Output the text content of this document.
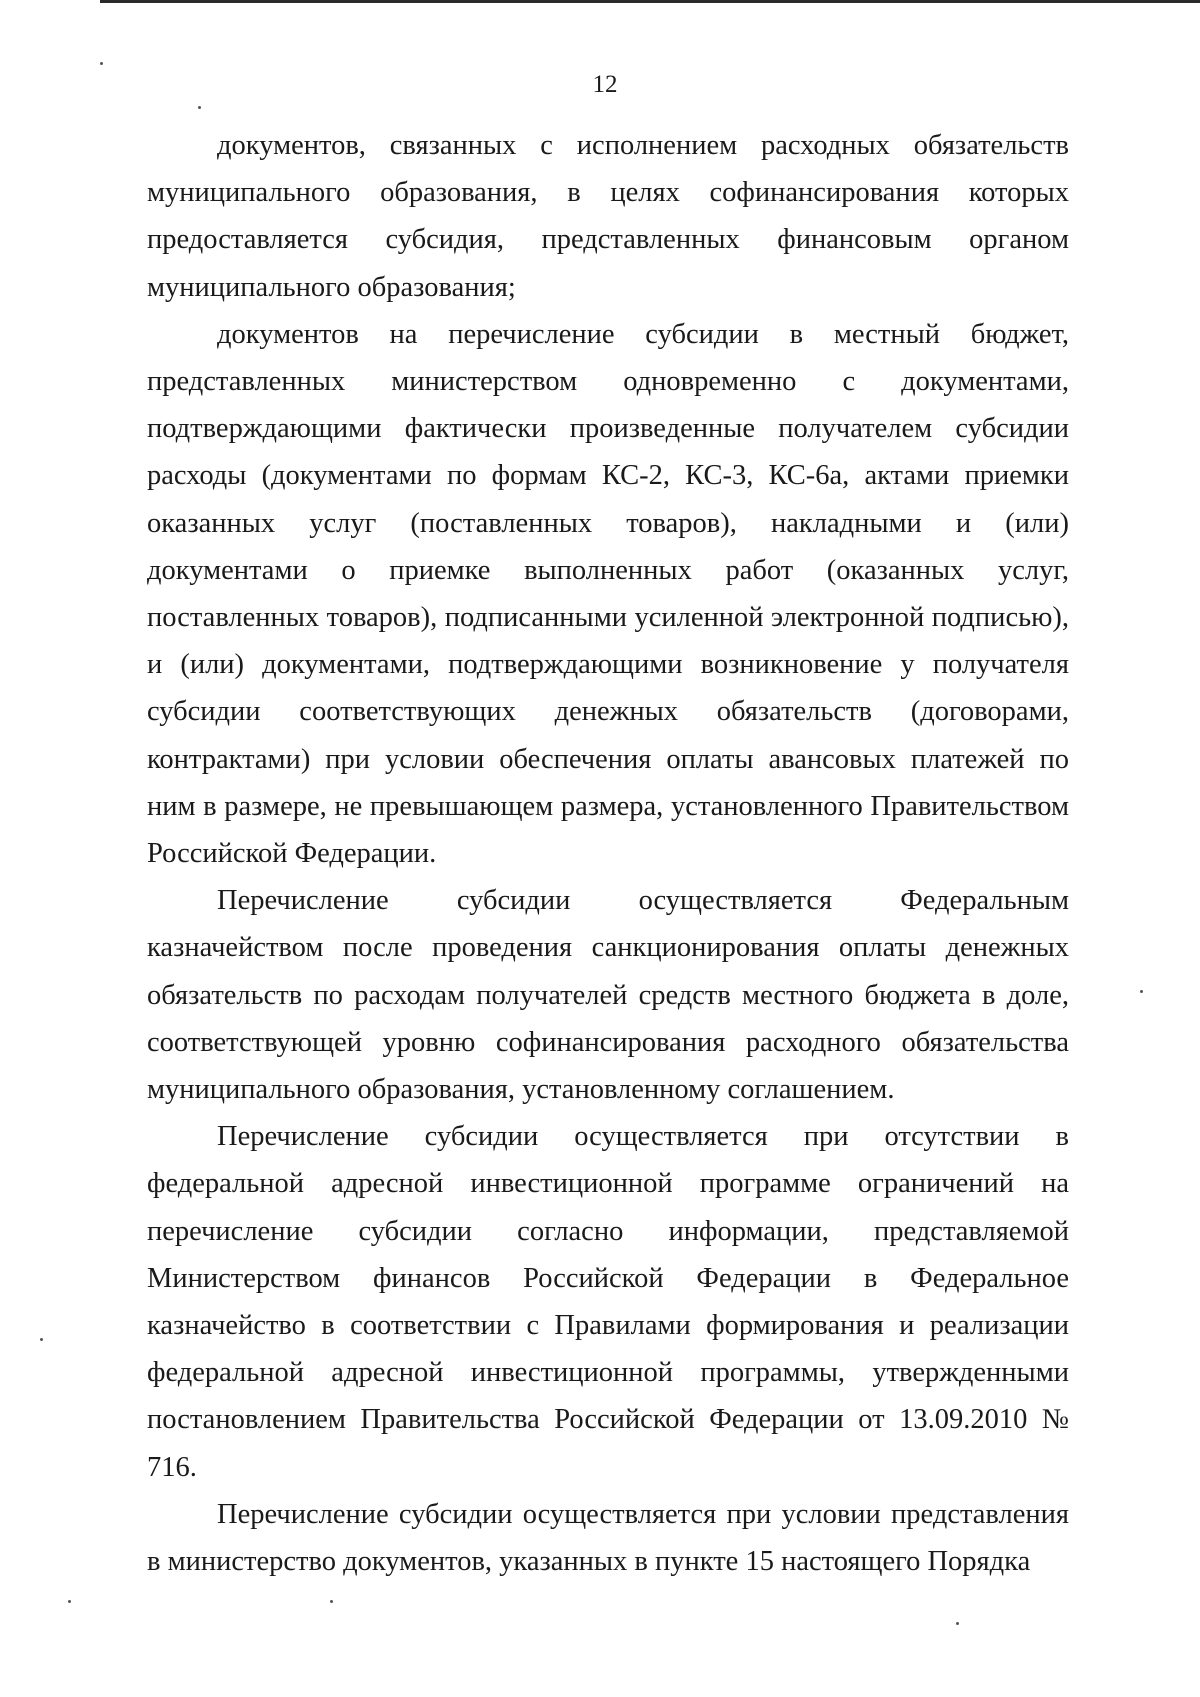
12

документов, связанных с исполнением расходных обязательств муниципального образования, в целях софинансирования которых предоставляется субсидия, представленных финансовым органом муниципального образования;

документов на перечисление субсидии в местный бюджет, представленных министерством одновременно с документами, подтверждающими фактически произведенные получателем субсидии расходы (документами по формам КС-2, КС-3, КС-6а, актами приемки оказанных услуг (поставленных товаров), накладными и (или) документами о приемке выполненных работ (оказанных услуг, поставленных товаров), подписанными усиленной электронной подписью), и (или) документами, подтверждающими возникновение у получателя субсидии соответствующих денежных обязательств (договорами, контрактами) при условии обеспечения оплаты авансовых платежей по ним в размере, не превышающем размера, установленного Правительством Российской Федерации.

Перечисление субсидии осуществляется Федеральным казначейством после проведения санкционирования оплаты денежных обязательств по расходам получателей средств местного бюджета в доле, соответствующей уровню софинансирования расходного обязательства муниципального образования, установленному соглашением.

Перечисление субсидии осуществляется при отсутствии в федеральной адресной инвестиционной программе ограничений на перечисление субсидии согласно информации, представляемой Министерством финансов Российской Федерации в Федеральное казначейство в соответствии с Правилами формирования и реализации федеральной адресной инвестиционной программы, утвержденными постановлением Правительства Российской Федерации от 13.09.2010 № 716.

Перечисление субсидии осуществляется при условии представления в министерство документов, указанных в пункте 15 настоящего Порядка
